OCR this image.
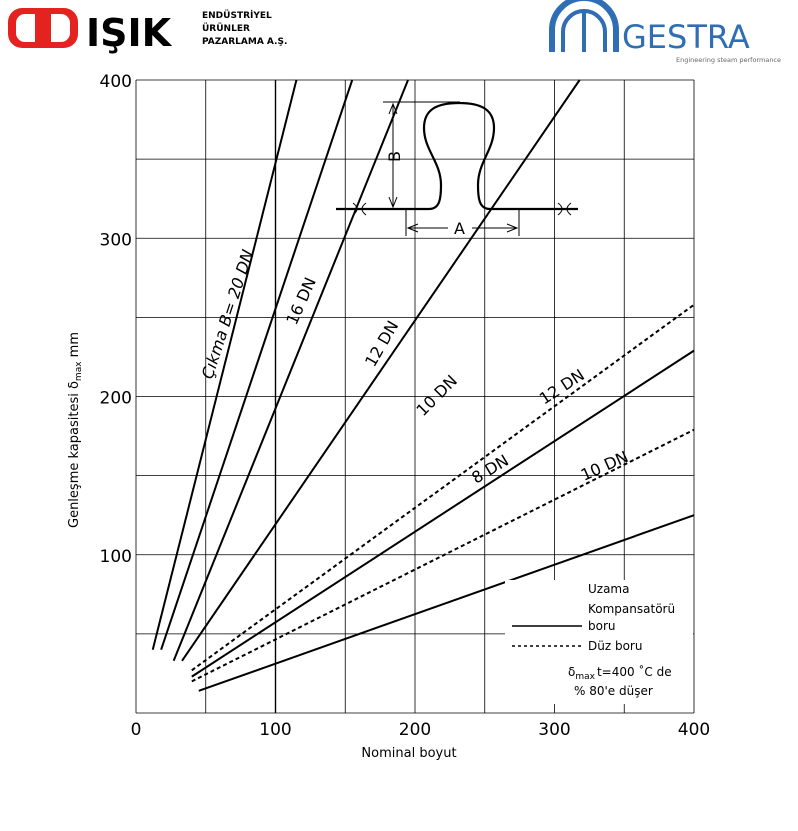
IŞIK	ENDÜSTRİYEL
ÜRÜNLER
PAZARLAMA A.Ş.	GESTRA
Engineering steam performance
0	100	200	300	400
100
200
300
400
Nominal boyut
Genleşme kapasitesi $\delta_{max}$ mm	Çıkma B= 20 DN 16 DN
12 DN
10 DN
8 DN
12 DN
10 DN
A
B
Uzama
Kompansatörü
boru
Düz boru
$\delta_{max}$ t=400 ˚C de
% 80'e düşer
